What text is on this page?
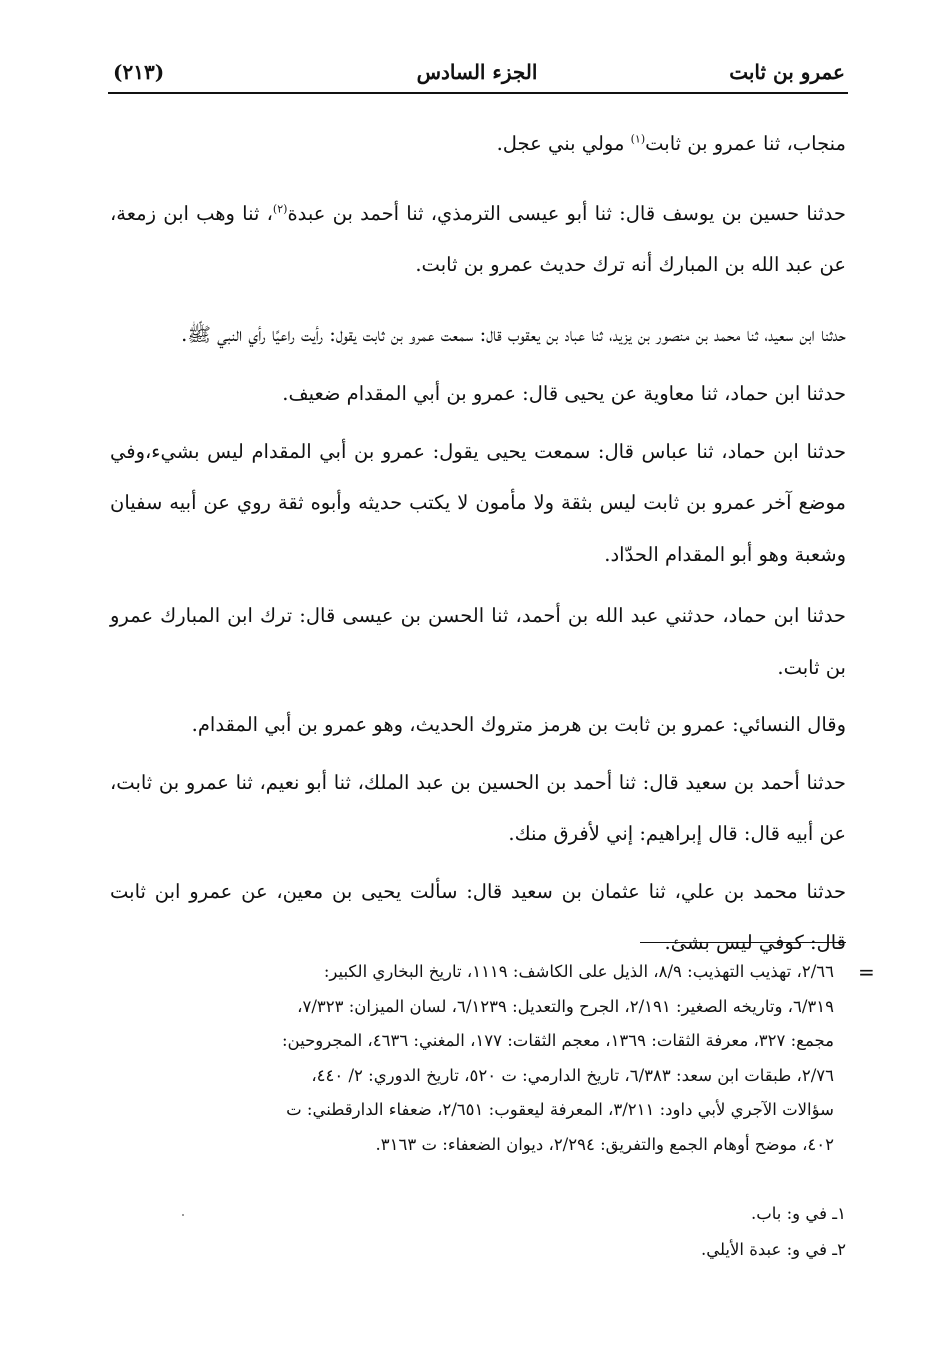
عمرو بن ثابت
الجزء السادس
(٢١٣)

منجاب، ثنا عمرو بن ثابت$^{(١)}$ مولي بني عجل.

حدثنا حسين بن يوسف قال: ثنا أبو عيسى الترمذي، ثنا أحمد بن عبدة$^{(٢)}$، ثنا وهب ابن زمعة، عن عبد الله بن المبارك أنه ترك حديث عمرو بن ثابت.

حدثنا ابن سعيد، ثنا محمد بن منصور بن يزيد، ثنا عباد بن يعقوب قال: سمعت عمرو بن ثابت يقول: رأيت راعيًا رأي النبي ﷺ.

حدثنا ابن حماد، ثنا معاوية عن يحيى قال: عمرو بن أبي المقدام ضعيف.

حدثنا ابن حماد، ثنا عباس قال: سمعت يحيى يقول: عمرو بن أبي المقدام ليس بشيء،وفي موضع آخر عمرو بن ثابت ليس بثقة ولا مأمون لا يكتب حديثه وأبوه ثقة روي عن أبيه سفيان وشعبة وهو أبو المقدام الحدّاد.

حدثنا ابن حماد، حدثني عبد الله بن أحمد، ثنا الحسن بن عيسى قال: ترك ابن المبارك عمرو بن ثابت.

وقال النسائي: عمرو بن ثابت بن هرمز متروك الحديث، وهو عمرو بن أبي المقدام.

حدثنا أحمد بن سعيد قال: ثنا أحمد بن الحسين بن عبد الملك، ثنا أبو نعيم، ثنا عمرو بن ثابت، عن أبيه قال: قال إبراهيم: إني لأفرق منك.

حدثنا محمد بن علي، ثنا عثمان بن سعيد قال: سألت يحيى بن معين، عن عمرو ابن ثابت قال: كوفي ليس بشئ.

=

٢/٦٦، تهذيب التهذيب: ٨/٩، الذيل على الكاشف: ١١١٩، تاريخ البخاري الكبير:

٦/٣١٩، وتاريخه الصغير: ٢/١٩١، الجرح والتعديل: ٦/١٢٣٩، لسان الميزان: ٧/٣٢٣،

مجمع: ٣٢٧، معرفة الثقات: ١٣٦٩، معجم الثقات: ١٧٧، المغني: ٤٦٣٦، المجروحين:

٢/٧٦، طبقات ابن سعد: ٦/٣٨٣، تاريخ الدارمي: ت ٥٢٠، تاريخ الدوري: ٢/ ٤٤٠،

سؤالات الآجري لأبي داود: ٣/٢١١، المعرفة ليعقوب: ٢/٦٥١، ضعفاء الدارقطني: ت

٤٠٢، موضح أوهام الجمع والتفريق: ٢/٢٩٤، ديوان الضعفاء: ت ٣١٦٣.

١ـ في و: باب.

٢ـ في و: عبدة الأيلي.
